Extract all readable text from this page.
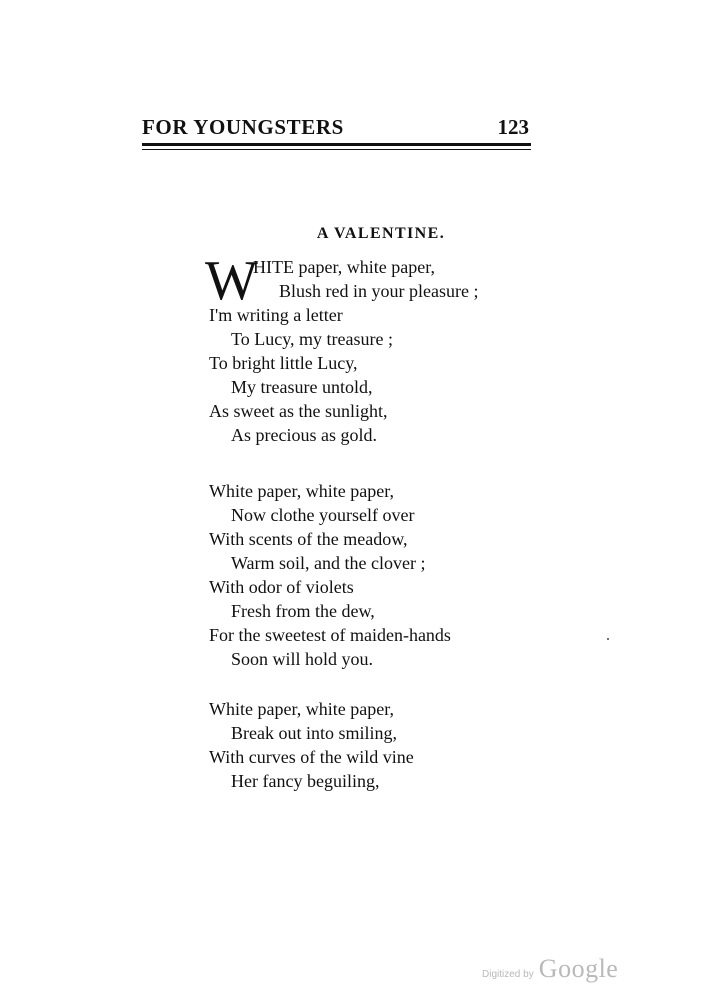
FOR YOUNGSTERS	123
A VALENTINE.
W
HITE paper, white paper,
Blush red in your pleasure ;
I'm writing a letter
To Lucy, my treasure ;
To bright little Lucy,
My treasure untold,
As sweet as the sunlight,
As precious as gold.
White paper, white paper,
Now clothe yourself over
With scents of the meadow,
Warm soil, and the clover ;
With odor of violets
Fresh from the dew,
For the sweetest of maiden-hands
Soon will hold you.
White paper, white paper,
Break out into smiling,
With curves of the wild vine
Her fancy beguiling,
Digitized by Google
